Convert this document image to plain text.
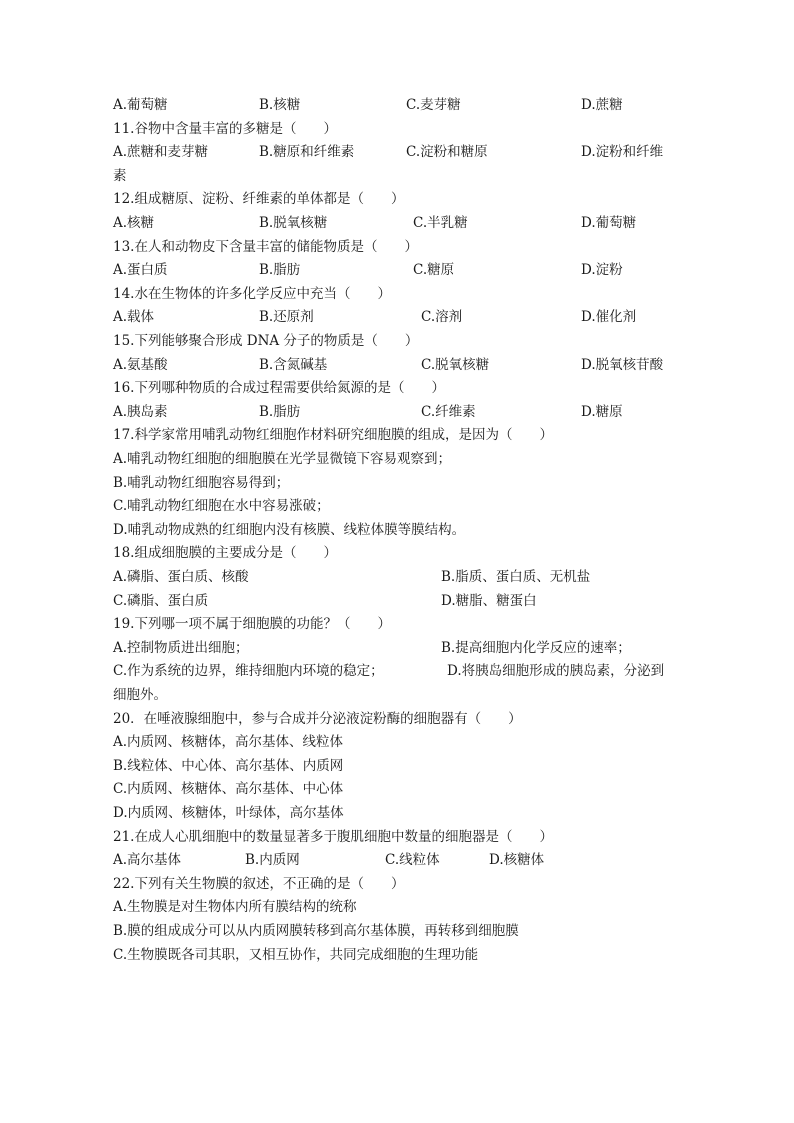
A.葡萄糖	B.核糖	C.麦芽糖	D.蔗糖
11.谷物中含量丰富的多糖是（　　）
A.蔗糖和麦芽糖	B.糖原和纤维素	C.淀粉和糖原	D.淀粉和纤维
素
12.组成糖原、淀粉、纤维素的单体都是（　　）
A.核糖	B.脱氧核糖	C.半乳糖	D.葡萄糖
13.在人和动物皮下含量丰富的储能物质是（　　）
A.蛋白质	B.脂肪	C.糖原	D.淀粉
14.水在生物体的许多化学反应中充当（　　）
A.载体	B.还原剂	C.溶剂	D.催化剂
15.下列能够聚合形成 DNA 分子的物质是（　　）
A.氨基酸	B.含氮碱基	C.脱氧核糖	D.脱氧核苷酸
16.下列哪种物质的合成过程需要供给氮源的是（　　）
A.胰岛素	B.脂肪	C.纤维素	D.糖原
17.科学家常用哺乳动物红细胞作材料研究细胞膜的组成，是因为（　　）
A.哺乳动物红细胞的细胞膜在光学显微镜下容易观察到；
B.哺乳动物红细胞容易得到；
C.哺乳动物红细胞在水中容易涨破；
D.哺乳动物成熟的红细胞内没有核膜、线粒体膜等膜结构。
18.组成细胞膜的主要成分是（　　）
A.磷脂、蛋白质、核酸	B.脂质、蛋白质、无机盐
C.磷脂、蛋白质	D.糖脂、糖蛋白
19.下列哪一项不属于细胞膜的功能？（　　）
A.控制物质进出细胞；	B.提高细胞内化学反应的速率；
C.作为系统的边界，维持细胞内环境的稳定；	D.将胰岛细胞形成的胰岛素，分泌到
细胞外。
20．在唾液腺细胞中，参与合成并分泌液淀粉酶的细胞器有（　　）
A.内质网、核糖体，高尔基体、线粒体
B.线粒体、中心体、高尔基体、内质网
C.内质网、核糖体、高尔基体、中心体
D.内质网、核糖体，叶绿体，高尔基体
21.在成人心肌细胞中的数量显著多于腹肌细胞中数量的细胞器是（　　）
A.高尔基体	B.内质网	C.线粒体	D.核糖体
22.下列有关生物膜的叙述，不正确的是（　　）
A.生物膜是对生物体内所有膜结构的统称
B.膜的组成成分可以从内质网膜转移到高尔基体膜，再转移到细胞膜
C.生物膜既各司其职，又相互协作，共同完成细胞的生理功能
